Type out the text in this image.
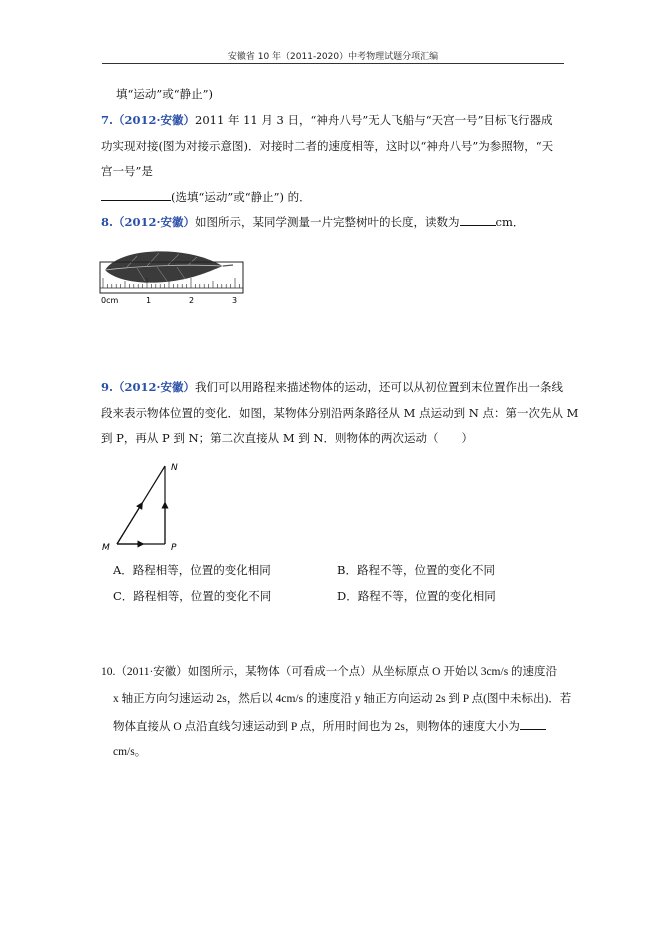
安徽省 10 年（2011-2020）中考物理试题分项汇编
填“运动”或“静止”)
7.（2012·安徽）2011 年 11 月 3 日，“神舟八号”无人飞船与“天宫一号”目标飞行器成
功实现对接(图为对接示意图)．对接时二者的速度相等，这时以“神舟八号”为参照物，“天
宫一号”是
(选填“运动”或“静止”) 的．
8.（2012·安徽）如图所示，某同学测量一片完整树叶的长度，读数为	cm．
0cm	1	2	3
9.（2012·安徽）我们可以用路程来描述物体的运动，还可以从初位置到末位置作出一条线
段来表示物体位置的变化．如图，某物体分别沿两条路径从 M 点运动到 N 点：第一次先从 M
到 P，再从 P 到 N；第二次直接从 M 到 N．则物体的两次运动（　　）
M
N
P
A．路程相等，位置的变化相同	B．路程不等，位置的变化不同
C．路程相等，位置的变化不同	D．路程不等，位置的变化相同
10.（2011·安徽）如图所示，某物体（可看成一个点）从坐标原点 O 开始以 3cm/s 的速度沿
x 轴正方向匀速运动 2s，然后以 4cm/s 的速度沿 y 轴正方向运动 2s 到 P 点(图中未标出)．若
物体直接从 O 点沿直线匀速运动到 P 点，所用时间也为 2s，则物体的速度大小为
cm/s。
